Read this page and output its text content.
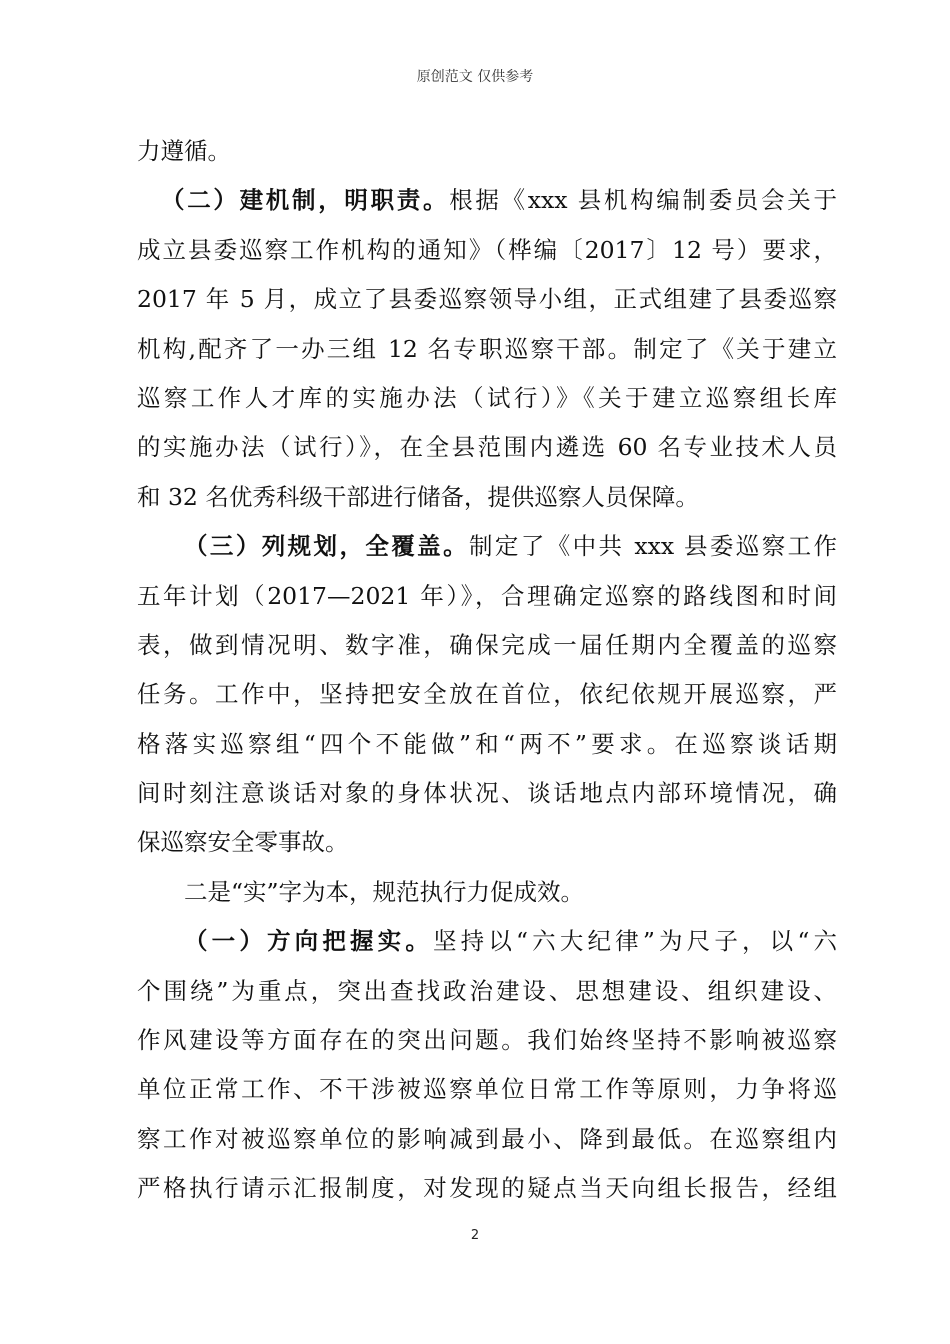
原创范文 仅供参考
力遵循。
（二）建机制，明职责。根据《xxx 县机构编制委员会关于
成立县委巡察工作机构的通知》（桦编〔2017〕12 号）要求，
2017 年 5 月，成立了县委巡察领导小组，正式组建了县委巡察
机构,配齐了一办三组 12 名专职巡察干部。制定了《关于建立
巡察工作人才库的实施办法（试行）》《关于建立巡察组长库
的实施办法（试行）》，在全县范围内遴选 60 名专业技术人员
和 32 名优秀科级干部进行储备，提供巡察人员保障。
（三）列规划，全覆盖。制定了《中共 xxx 县委巡察工作
五年计划（2017—2021 年）》，合理确定巡察的路线图和时间
表，做到情况明、数字准，确保完成一届任期内全覆盖的巡察
任务。工作中，坚持把安全放在首位，依纪依规开展巡察，严
格落实巡察组“四个不能做”和“两不”要求。在巡察谈话期
间时刻注意谈话对象的身体状况、谈话地点内部环境情况，确
保巡察安全零事故。
二是“实”字为本，规范执行力促成效。
（一）方向把握实。坚持以“六大纪律”为尺子，以“六
个围绕”为重点，突出查找政治建设、思想建设、组织建设、
作风建设等方面存在的突出问题。我们始终坚持不影响被巡察
单位正常工作、不干涉被巡察单位日常工作等原则，力争将巡
察工作对被巡察单位的影响减到最小、降到最低。在巡察组内
严格执行请示汇报制度，对发现的疑点当天向组长报告，经组
2
